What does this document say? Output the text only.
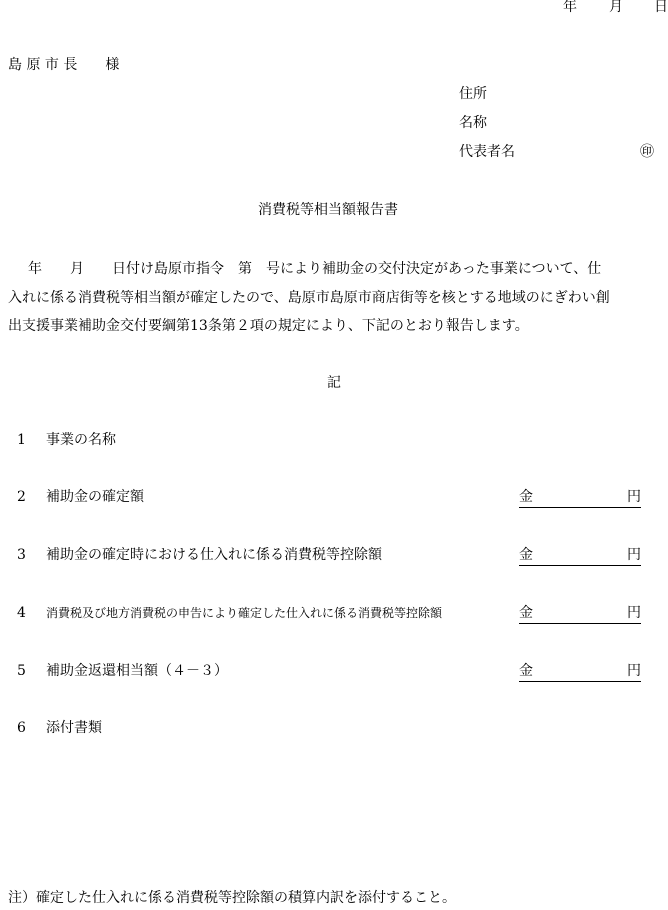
年 月 日
島 原 市 長　　様
住所
名称
代表者名	㊞
消費税等相当額報告書
　年　　月　　日付け島原市指令　第　号により補助金の交付決定があった事業について、仕
入れに係る消費税等相当額が確定したので、島原市島原市商店街等を核とする地域のにぎわい創
出支援事業補助金交付要綱第13条第２項の規定により、下記のとおり報告します。
記
1 事業の名称
2 補助金の確定額	金	円
3 補助金の確定時における仕入れに係る消費税等控除額	金	円
4 消費税及び地方消費税の申告により確定した仕入れに係る消費税等控除額	金	円
5 補助金返還相当額（４－３）	金	円
6 添付書類
注）確定した仕入れに係る消費税等控除額の積算内訳を添付すること。
